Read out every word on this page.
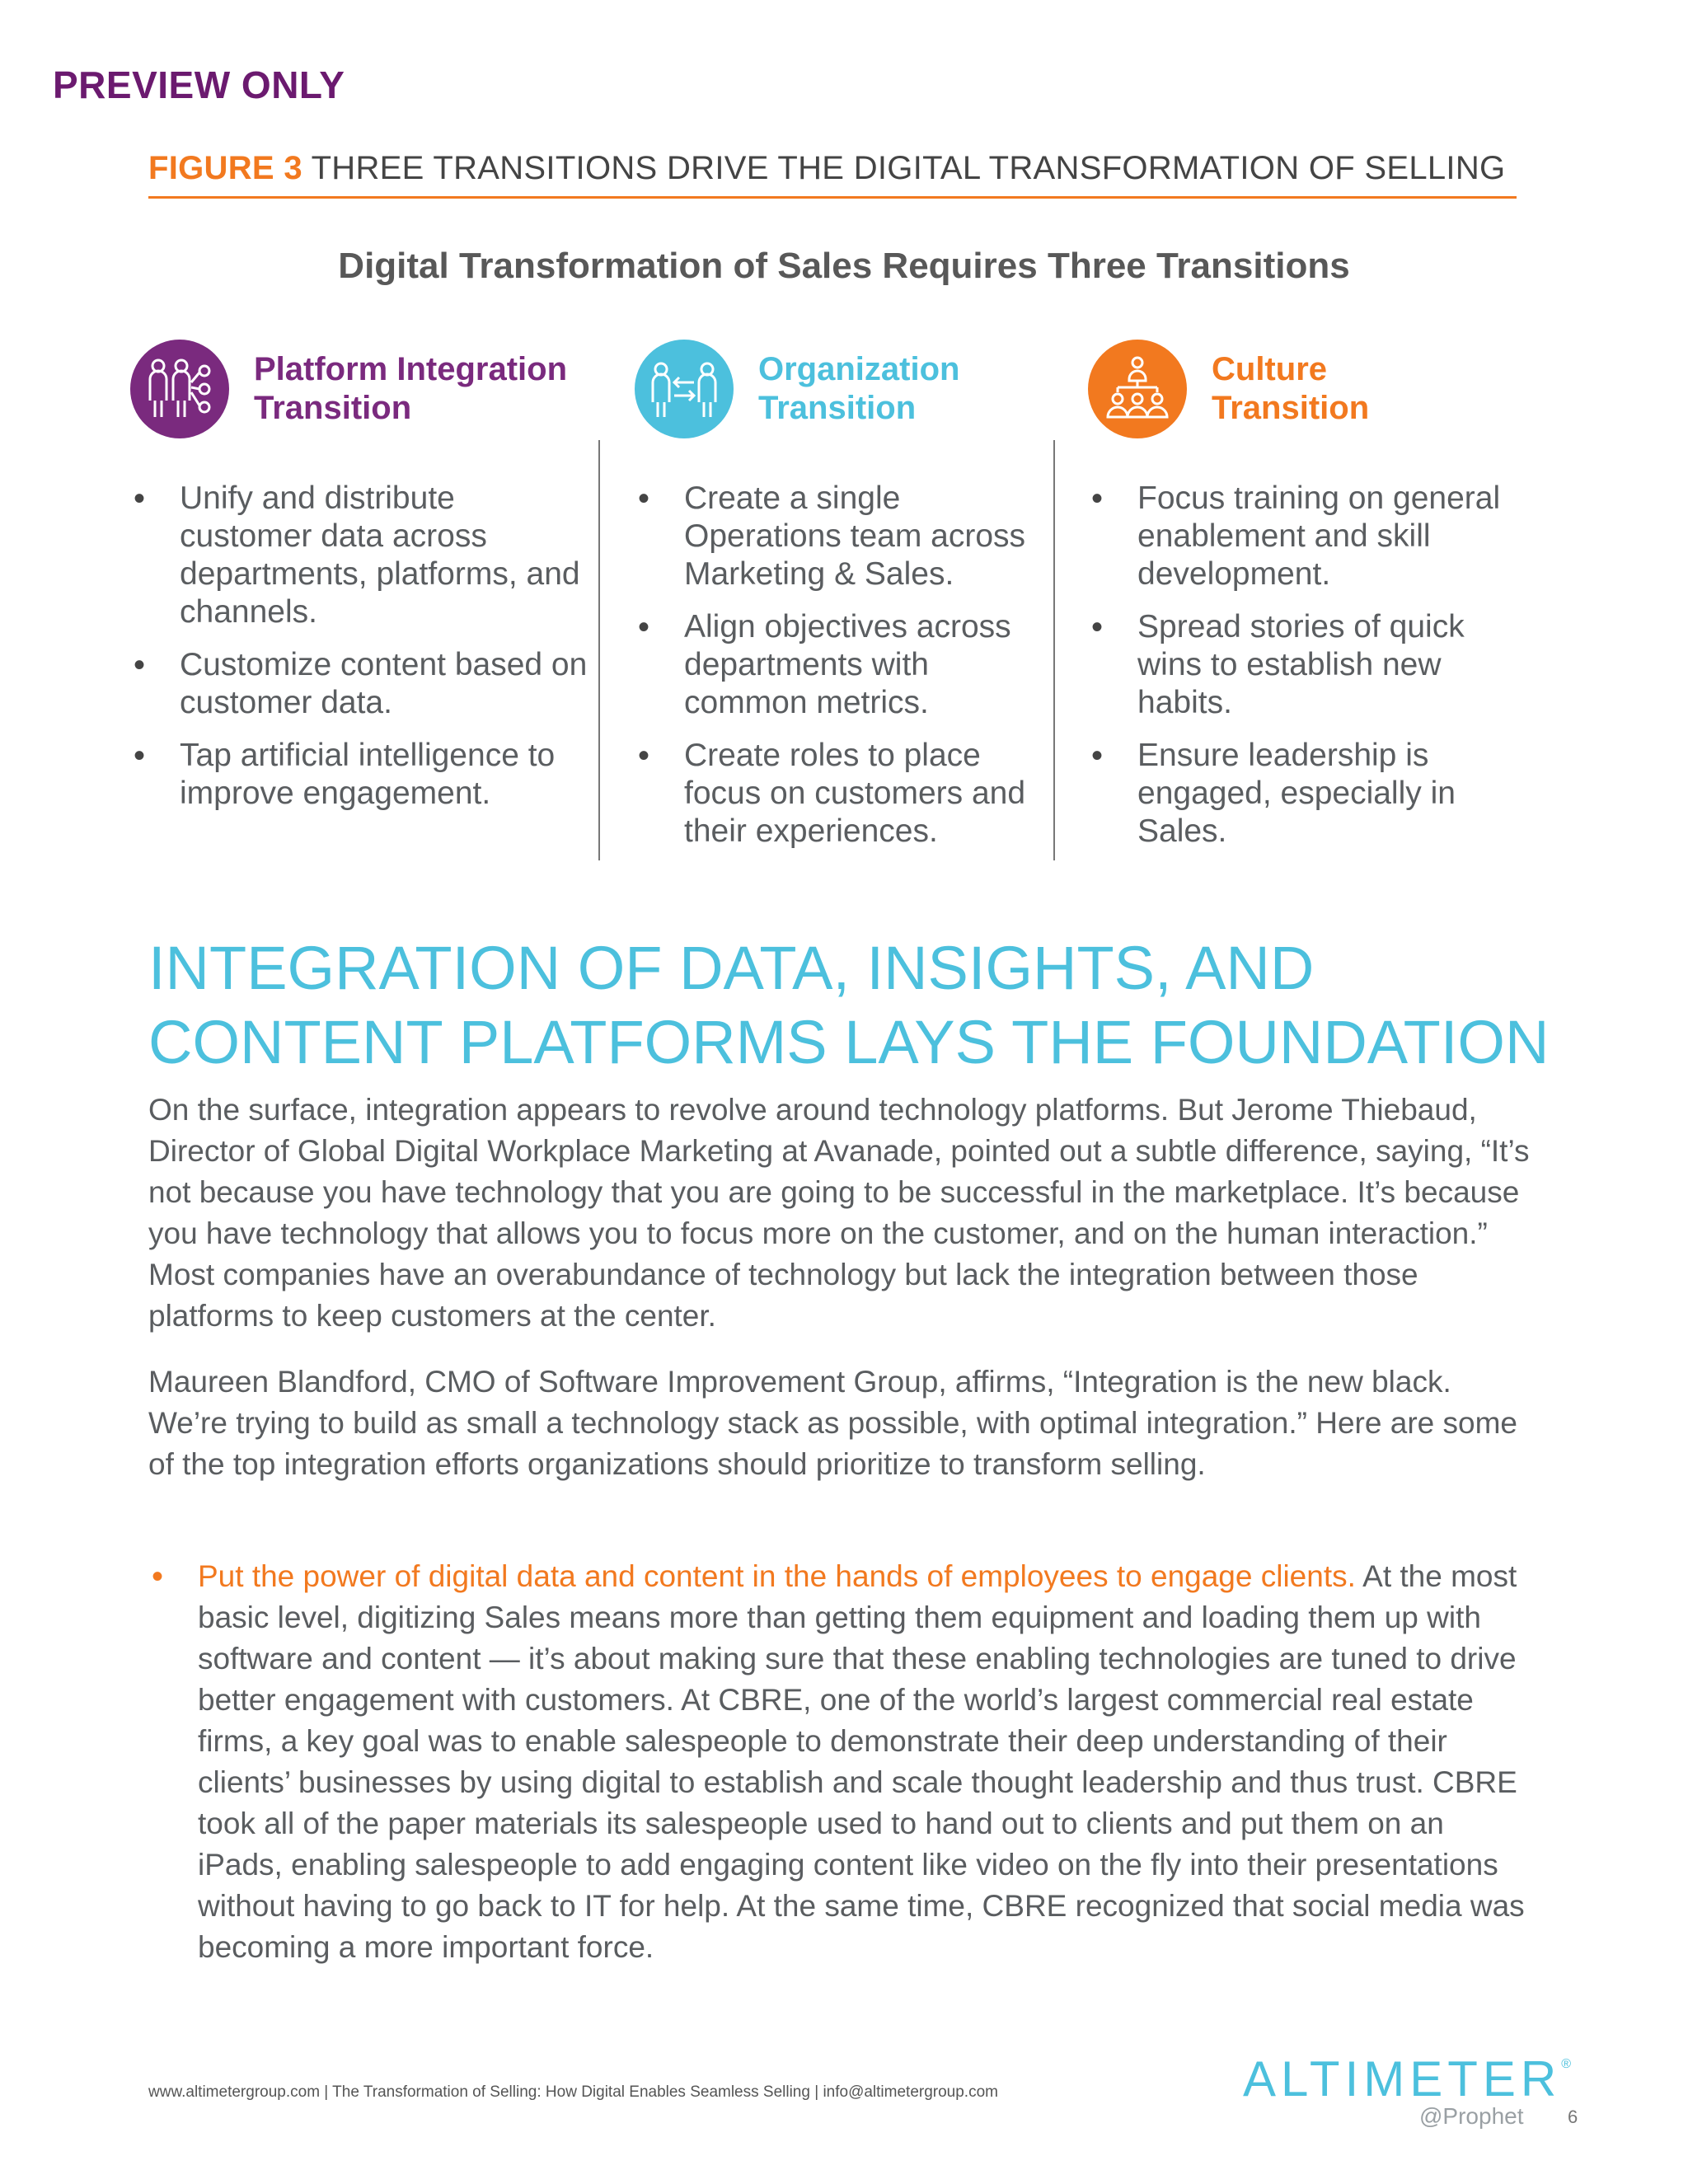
PREVIEW ONLY
FIGURE 3 THREE TRANSITIONS DRIVE THE DIGITAL TRANSFORMATION OF SELLING
Digital Transformation of Sales Requires Three Transitions
Platform Integration
Transition
• Unify and distribute customer data across departments, platforms, and channels.
• Customize content based on customer data.
• Tap artificial intelligence to improve engagement.
Organization
Transition
• Create a single Operations team across Marketing & Sales.
• Align objectives across departments with common metrics.
• Create roles to place focus on customers and their experiences.
Culture
Transition
• Focus training on general enablement and skill development.
• Spread stories of quick wins to establish new habits.
• Ensure leadership is engaged, especially in Sales.
INTEGRATION OF DATA, INSIGHTS, AND CONTENT PLATFORMS LAYS THE FOUNDATION

On the surface, integration appears to revolve around technology platforms. But Jerome Thiebaud, Director of Global Digital Workplace Marketing at Avanade, pointed out a subtle difference, saying, “It’s not because you have technology that you are going to be successful in the marketplace. It’s because you have technology that allows you to focus more on the customer, and on the human interaction.” Most companies have an overabundance of technology but lack the integration between those platforms to keep customers at the center.

Maureen Blandford, CMO of Software Improvement Group, affirms, “Integration is the new black. We’re trying to build as small a technology stack as possible, with optimal integration.” Here are some of the top integration efforts organizations should prioritize to transform selling.

• Put the power of digital data and content in the hands of employees to engage clients. At the most basic level, digitizing Sales means more than getting them equipment and loading them up with software and content — it’s about making sure that these enabling technologies are tuned to drive better engagement with customers. At CBRE, one of the world’s largest commercial real estate firms, a key goal was to enable salespeople to demonstrate their deep understanding of their clients’ businesses by using digital to establish and scale thought leadership and thus trust. CBRE took all of the paper materials its salespeople used to hand out to clients and put them on an iPads, enabling salespeople to add engaging content like video on the fly into their presentations without having to go back to IT for help. At the same time, CBRE recognized that social media was becoming a more important force.
www.altimetergroup.com | The Transformation of Selling: How Digital Enables Seamless Selling | info@altimetergroup.com	ALTIMETER®
@Prophet 6
